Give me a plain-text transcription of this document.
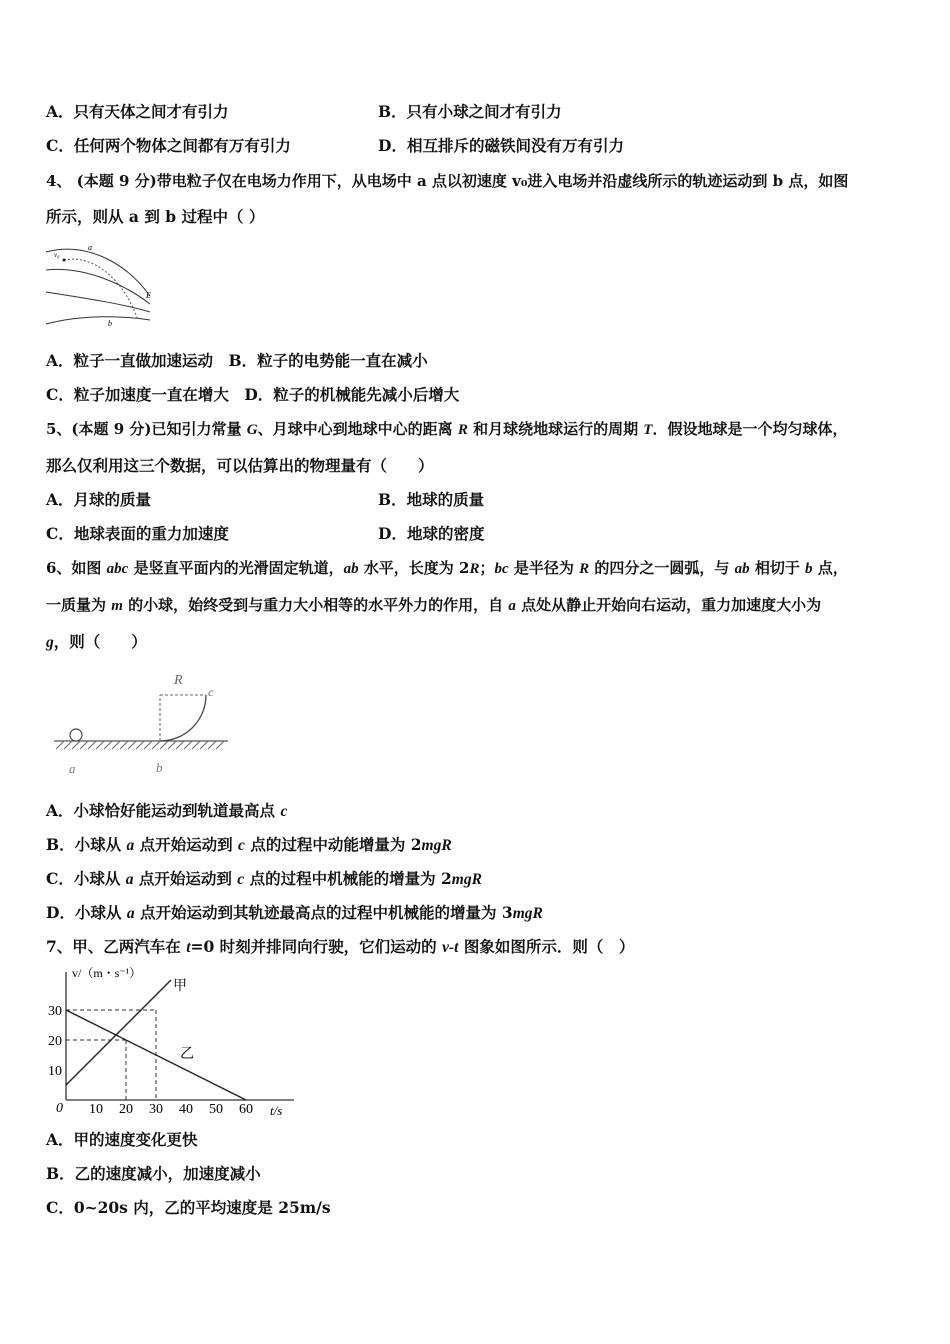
A．只有天体之间才有引力	B．只有小球之间才有引力
C．任何两个物体之间都有万有引力	D．相互排斥的磁铁间没有万有引力
4、 (本题 9 分)带电粒子仅在电场力作用下，从电场中 a 点以初速度 v₀进入电场并沿虚线所示的轨迹运动到 b 点，如图
所示，则从 a 到 b 过程中（ ）
a
v₀
E
b
A．粒子一直做加速运动　B．粒子的电势能一直在减小
C．粒子加速度一直在增大　D．粒子的机械能先减小后增大
5、(本题 9 分)已知引力常量 G、月球中心到地球中心的距离 R 和月球绕地球运行的周期 T．假设地球是一个均匀球体，
那么仅利用这三个数据，可以估算出的物理量有（　　）
A．月球的质量	B．地球的质量
C．地球表面的重力加速度	D．地球的密度
6、如图 abc 是竖直平面内的光滑固定轨道，ab 水平，长度为 2R；bc 是半径为 R 的四分之一圆弧，与 ab 相切于 b 点，
一质量为 m 的小球，始终受到与重力大小相等的水平外力的作用，自 a 点处从静止开始向右运动，重力加速度大小为
g，则（　　）
R
c
a	b
A．小球恰好能运动到轨道最高点 c
B．小球从 a 点开始运动到 c 点的过程中动能增量为 2mgR
C．小球从 a 点开始运动到 c 点的过程中机械能的增量为 2mgR
D．小球从 a 点开始运动到其轨迹最高点的过程中机械能的增量为 3mgR
7、甲、乙两汽车在 t=0 时刻并排同向行驶，它们运动的 v-t 图象如图所示．则（　）
v/（m・s⁻¹）
t/s
0 10 20 30 40 50 60
10
20
30
甲
乙
A．甲的速度变化更快
B．乙的速度减小，加速度减小
C．0~20s 内，乙的平均速度是 25m/s
